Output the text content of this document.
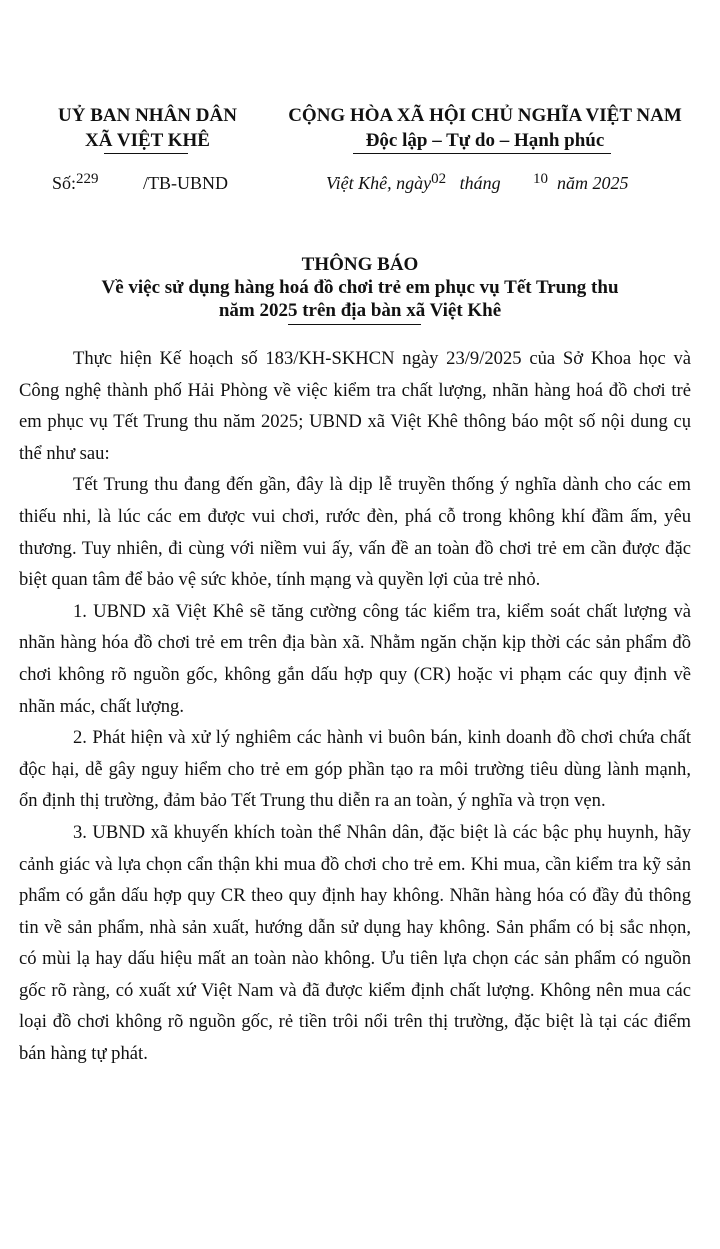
UỶ BAN NHÂN DÂN
XÃ VIỆT KHÊ
CỘNG HÒA XÃ HỘI CHỦ NGHĨA VIỆT NAM
Độc lập – Tự do – Hạnh phúc
Số:$^{229}$ /TB-UBND	Việt Khê, ngày$^{02}$ tháng $^{10}$ năm 2025
THÔNG BÁO
Về việc sử dụng hàng hoá đồ chơi trẻ em phục vụ Tết Trung thu
năm 2025 trên địa bàn xã Việt Khê

Thực hiện Kế hoạch số 183/KH-SKHCN ngày 23/9/2025 của Sở Khoa học và Công nghệ thành phố Hải Phòng về việc kiểm tra chất lượng, nhãn hàng hoá đồ chơi trẻ em phục vụ Tết Trung thu năm 2025; UBND xã Việt Khê thông báo một số nội dung cụ thể như sau:

Tết Trung thu đang đến gần, đây là dịp lễ truyền thống ý nghĩa dành cho các em thiếu nhi, là lúc các em được vui chơi, rước đèn, phá cỗ trong không khí đầm ấm, yêu thương. Tuy nhiên, đi cùng với niềm vui ấy, vấn đề an toàn đồ chơi trẻ em cần được đặc biệt quan tâm để bảo vệ sức khỏe, tính mạng và quyền lợi của trẻ nhỏ.

1. UBND xã Việt Khê sẽ tăng cường công tác kiểm tra, kiểm soát chất lượng và nhãn hàng hóa đồ chơi trẻ em trên địa bàn xã. Nhằm ngăn chặn kịp thời các sản phẩm đồ chơi không rõ nguồn gốc, không gắn dấu hợp quy (CR) hoặc vi phạm các quy định về nhãn mác, chất lượng.

2. Phát hiện và xử lý nghiêm các hành vi buôn bán, kinh doanh đồ chơi chứa chất độc hại, dễ gây nguy hiểm cho trẻ em góp phần tạo ra môi trường tiêu dùng lành mạnh, ổn định thị trường, đảm bảo Tết Trung thu diễn ra an toàn, ý nghĩa và trọn vẹn.

3. UBND xã khuyến khích toàn thể Nhân dân, đặc biệt là các bậc phụ huynh, hãy cảnh giác và lựa chọn cẩn thận khi mua đồ chơi cho trẻ em. Khi mua, cần kiểm tra kỹ sản phẩm có gắn dấu hợp quy CR theo quy định hay không. Nhãn hàng hóa có đầy đủ thông tin về sản phẩm, nhà sản xuất, hướng dẫn sử dụng hay không. Sản phẩm có bị sắc nhọn, có mùi lạ hay dấu hiệu mất an toàn nào không. Ưu tiên lựa chọn các sản phẩm có nguồn gốc rõ ràng, có xuất xứ Việt Nam và đã được kiểm định chất lượng. Không nên mua các loại đồ chơi không rõ nguồn gốc, rẻ tiền trôi nổi trên thị trường, đặc biệt là tại các điểm bán hàng tự phát.
